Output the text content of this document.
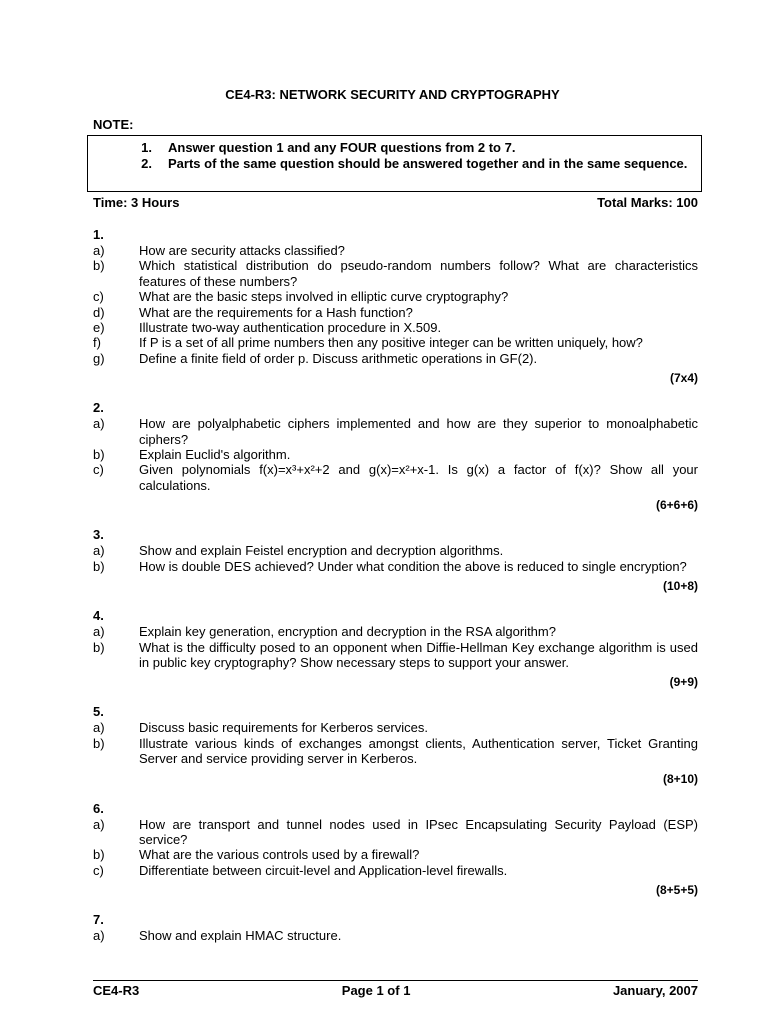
CE4-R3: NETWORK SECURITY AND CRYPTOGRAPHY
NOTE:
1.	Answer question 1 and any FOUR questions from 2 to 7.
2.	Parts of the same question should be answered together and in the same sequence.
Time: 3 Hours	Total Marks: 100
1.
a)	How are security attacks classified?
b)	Which statistical distribution do pseudo-random numbers follow? What are characteristics features of these numbers?
c)	What are the basic steps involved in elliptic curve cryptography?
d)	What are the requirements for a Hash function?
e)	Illustrate two-way authentication procedure in X.509.
f)	If P is a set of all prime numbers then any positive integer can be written uniquely, how?
g)	Define a finite field of order p. Discuss arithmetic operations in GF(2).
(7x4)
2.
a)	How are polyalphabetic ciphers implemented and how are they superior to monoalphabetic ciphers?
b)	Explain Euclid's algorithm.
c)	Given polynomials f(x)=x³+x²+2 and g(x)=x²+x-1. Is g(x) a factor of f(x)? Show all your calculations.
(6+6+6)
3.
a)	Show and explain Feistel encryption and decryption algorithms.
b)	How is double DES achieved? Under what condition the above is reduced to single encryption?
(10+8)
4.
a)	Explain key generation, encryption and decryption in the RSA algorithm?
b)	What is the difficulty posed to an opponent when Diffie-Hellman Key exchange algorithm is used in public key cryptography? Show necessary steps to support your answer.
(9+9)
5.
a)	Discuss basic requirements for Kerberos services.
b)	Illustrate various kinds of exchanges amongst clients, Authentication server, Ticket Granting Server and service providing server in Kerberos.
(8+10)
6.
a)	How are transport and tunnel nodes used in IPsec Encapsulating Security Payload (ESP) service?
b)	What are the various controls used by a firewall?
c)	Differentiate between circuit-level and Application-level firewalls.
(8+5+5)
7.
a)	Show and explain HMAC structure.
CE4-R3	Page 1 of 1	January, 2007
